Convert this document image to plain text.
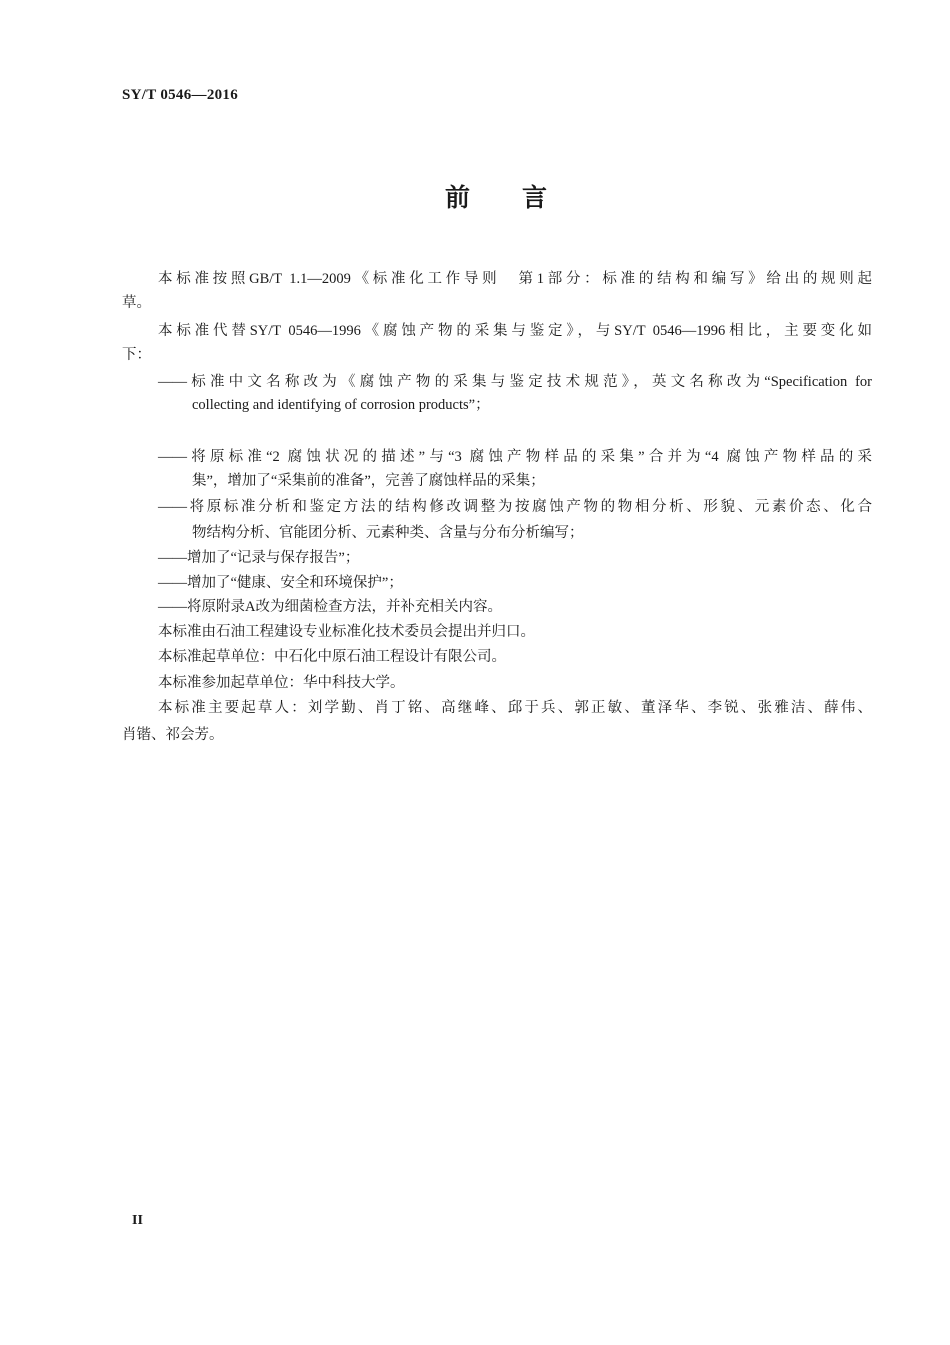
SY/T 0546—2016
前 言
本标准按照GB/T 1.1—2009《标准化工作导则　第1部分：标准的结构和编写》给出的规则起
草。
本标准代替SY/T 0546—1996《腐蚀产物的采集与鉴定》，与SY/T 0546—1996相比，主要变化如
下：
——标准中文名称改为《腐蚀产物的采集与鉴定技术规范》，英文名称改为“Specification for
collecting and identifying of corrosion products”；
——将原标准“2 腐蚀状况的描述”与“3 腐蚀产物样品的采集”合并为“4 腐蚀产物样品的采
集”，增加了“采集前的准备”，完善了腐蚀样品的采集；
——将原标准分析和鉴定方法的结构修改调整为按腐蚀产物的物相分析、形貌、元素价态、化合
物结构分析、官能团分析、元素种类、含量与分布分析编写；
——增加了“记录与保存报告”；
——增加了“健康、安全和环境保护”；
——将原附录A改为细菌检查方法，并补充相关内容。
本标准由石油工程建设专业标准化技术委员会提出并归口。
本标准起草单位：中石化中原石油工程设计有限公司。
本标准参加起草单位：华中科技大学。
本标准主要起草人：刘学勤、肖丁铭、高继峰、邱于兵、郭正敏、董泽华、李锐、张雅洁、薛伟、
肖锴、祁会芳。
II
